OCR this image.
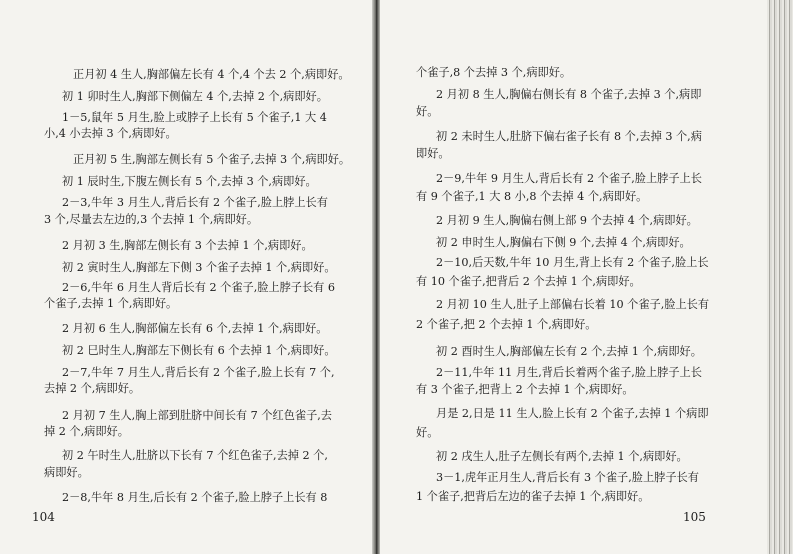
正月初 4 生人,胸部偏左长有 4 个,4 个去 2 个,病即好。

初 1 卯时生人,胸部下侧偏左 4 个,去掉 2 个,病即好。

1－5,鼠年 5 月生,脸上或脖子上长有 5 个雀子,1 大 4

小,4 小去掉 3 个,病即好。

正月初 5 生,胸部左侧长有 5 个雀子,去掉 3 个,病即好。

初 1 辰时生,下腹左侧长有 5 个,去掉 3 个,病即好。

2－3,牛年 3 月生人,背后长有 2 个雀子,脸上脖上长有

3 个,尽量去左边的,3 个去掉 1 个,病即好。

2 月初 3 生,胸部左侧长有 3 个去掉 1 个,病即好。

初 2 寅时生人,胸部左下侧 3 个雀子去掉 1 个,病即好。

2－6,牛年 6 月生人背后长有 2 个雀子,脸上脖子长有 6

个雀子,去掉 1 个,病即好。

2 月初 6 生人,胸部偏左长有 6 个,去掉 1 个,病即好。

初 2 巳时生人,胸部左下侧长有 6 个去掉 1 个,病即好。

2－7,牛年 7 月生人,背后长有 2 个雀子,脸上长有 7 个,

去掉 2 个,病即好。

2 月初 7 生人,胸上部到肚脐中间长有 7 个红色雀子,去

掉 2 个,病即好。

初 2 午时生人,肚脐以下长有 7 个红色雀子,去掉 2 个,

病即好。

2－8,牛年 8 月生,后长有 2 个雀子,脸上脖子上长有 8

104

个雀子,8 个去掉 3 个,病即好。

2 月初 8 生人,胸偏右侧长有 8 个雀子,去掉 3 个,病即

好。

初 2 未时生人,肚脐下偏右雀子长有 8 个,去掉 3 个,病

即好。

2－9,牛年 9 月生人,背后长有 2 个雀子,脸上脖子上长

有 9 个雀子,1 大 8 小,8 个去掉 4 个,病即好。

2 月初 9 生人,胸偏右侧上部 9 个去掉 4 个,病即好。

初 2 申时生人,胸偏右下侧 9 个,去掉 4 个,病即好。

2－10,后天数,牛年 10 月生,背上长有 2 个雀子,脸上长

有 10 个雀子,把背后 2 个去掉 1 个,病即好。

2 月初 10 生人,肚子上部偏右长着 10 个雀子,脸上长有

2 个雀子,把 2 个去掉 1 个,病即好。

初 2 酉时生人,胸部偏左长有 2 个,去掉 1 个,病即好。

2－11,牛年 11 月生,背后长着两个雀子,脸上脖子上长

有 3 个雀子,把背上 2 个去掉 1 个,病即好。

月是 2,日是 11 生人,脸上长有 2 个雀子,去掉 1 个病即

好。

初 2 戌生人,肚子左侧长有两个,去掉 1 个,病即好。

3－1,虎年正月生人,背后长有 3 个雀子,脸上脖子长有

1 个雀子,把背后左边的雀子去掉 1 个,病即好。

105
